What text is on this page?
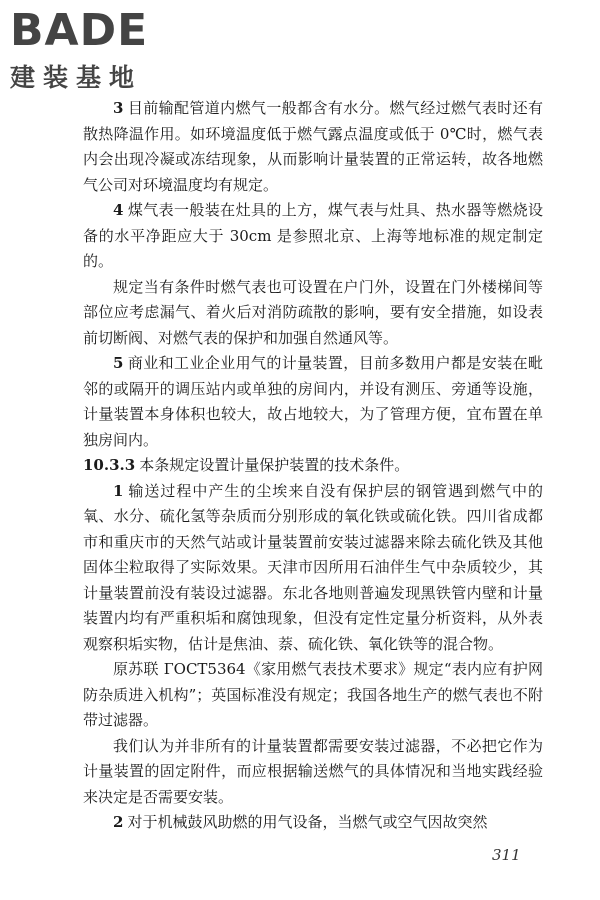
BADE
建装基地

3 目前输配管道内燃气一般都含有水分。燃气经过燃气表时还有散热降温作用。如环境温度低于燃气露点温度或低于 0℃时，燃气表内会出现冷凝或冻结现象，从而影响计量装置的正常运转，故各地燃气公司对环境温度均有规定。

4 煤气表一般装在灶具的上方，煤气表与灶具、热水器等燃烧设备的水平净距应大于 30cm 是参照北京、上海等地标准的规定制定的。

规定当有条件时燃气表也可设置在户门外，设置在门外楼梯间等部位应考虑漏气、着火后对消防疏散的影响，要有安全措施，如设表前切断阀、对燃气表的保护和加强自然通风等。

5 商业和工业企业用气的计量装置，目前多数用户都是安装在毗邻的或隔开的调压站内或单独的房间内，并设有测压、旁通等设施，计量装置本身体积也较大，故占地较大，为了管理方便，宜布置在单独房间内。

10.3.3 本条规定设置计量保护装置的技术条件。

1 输送过程中产生的尘埃来自没有保护层的钢管遇到燃气中的氧、水分、硫化氢等杂质而分别形成的氧化铁或硫化铁。四川省成都市和重庆市的天然气站或计量装置前安装过滤器来除去硫化铁及其他固体尘粒取得了实际效果。天津市因所用石油伴生气中杂质较少，其计量装置前没有装设过滤器。东北各地则普遍发现黑铁管内壁和计量装置内均有严重积垢和腐蚀现象，但没有定性定量分析资料，从外表观察积垢实物，估计是焦油、萘、硫化铁、氧化铁等的混合物。

原苏联 ГОСТ5364《家用燃气表技术要求》规定“表内应有护网防杂质进入机构”；英国标准没有规定；我国各地生产的燃气表也不附带过滤器。

我们认为并非所有的计量装置都需要安装过滤器，不必把它作为计量装置的固定附件，而应根据输送燃气的具体情况和当地实践经验来决定是否需要安装。

2 对于机械鼓风助燃的用气设备，当燃气或空气因故突然

311
